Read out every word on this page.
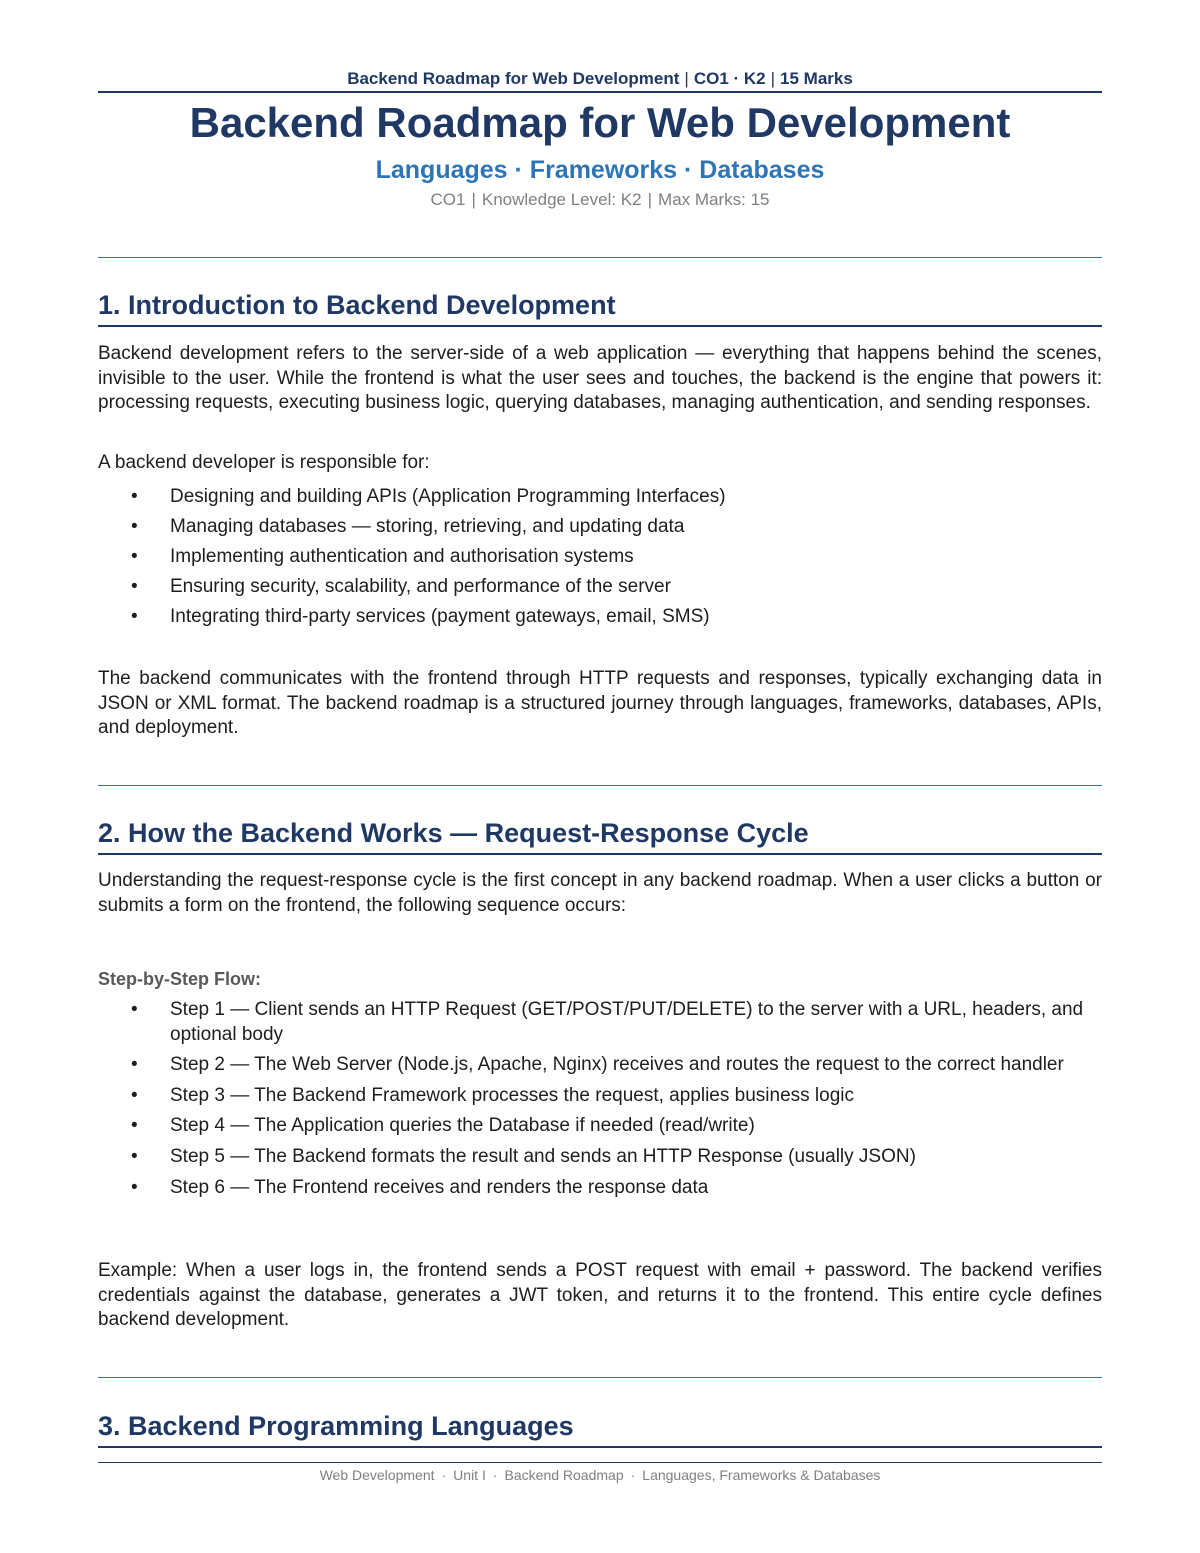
Backend Roadmap for Web Development | CO1 · K2 | 15 Marks
Backend Roadmap for Web Development
Languages · Frameworks · Databases
CO1 | Knowledge Level: K2 | Max Marks: 15
1. Introduction to Backend Development

Backend development refers to the server-side of a web application — everything that happens behind the scenes, invisible to the user. While the frontend is what the user sees and touches, the backend is the engine that powers it: processing requests, executing business logic, querying databases, managing authentication, and sending responses.

A backend developer is responsible for:

• Designing and building APIs (Application Programming Interfaces)
• Managing databases — storing, retrieving, and updating data
• Implementing authentication and authorisation systems
• Ensuring security, scalability, and performance of the server
• Integrating third-party services (payment gateways, email, SMS)

The backend communicates with the frontend through HTTP requests and responses, typically exchanging data in JSON or XML format. The backend roadmap is a structured journey through languages, frameworks, databases, APIs, and deployment.

2. How the Backend Works — Request-Response Cycle

Understanding the request-response cycle is the first concept in any backend roadmap. When a user clicks a button or submits a form on the frontend, the following sequence occurs:

Step-by-Step Flow:
• Step 1 — Client sends an HTTP Request (GET/POST/PUT/DELETE) to the server with a URL, headers, and optional body
• Step 2 — The Web Server (Node.js, Apache, Nginx) receives and routes the request to the correct handler
• Step 3 — The Backend Framework processes the request, applies business logic
• Step 4 — The Application queries the Database if needed (read/write)
• Step 5 — The Backend formats the result and sends an HTTP Response (usually JSON)
• Step 6 — The Frontend receives and renders the response data

Example: When a user logs in, the frontend sends a POST request with email + password. The backend verifies credentials against the database, generates a JWT token, and returns it to the frontend. This entire cycle defines backend development.

3. Backend Programming Languages
Web Development · Unit I · Backend Roadmap · Languages, Frameworks & Databases
